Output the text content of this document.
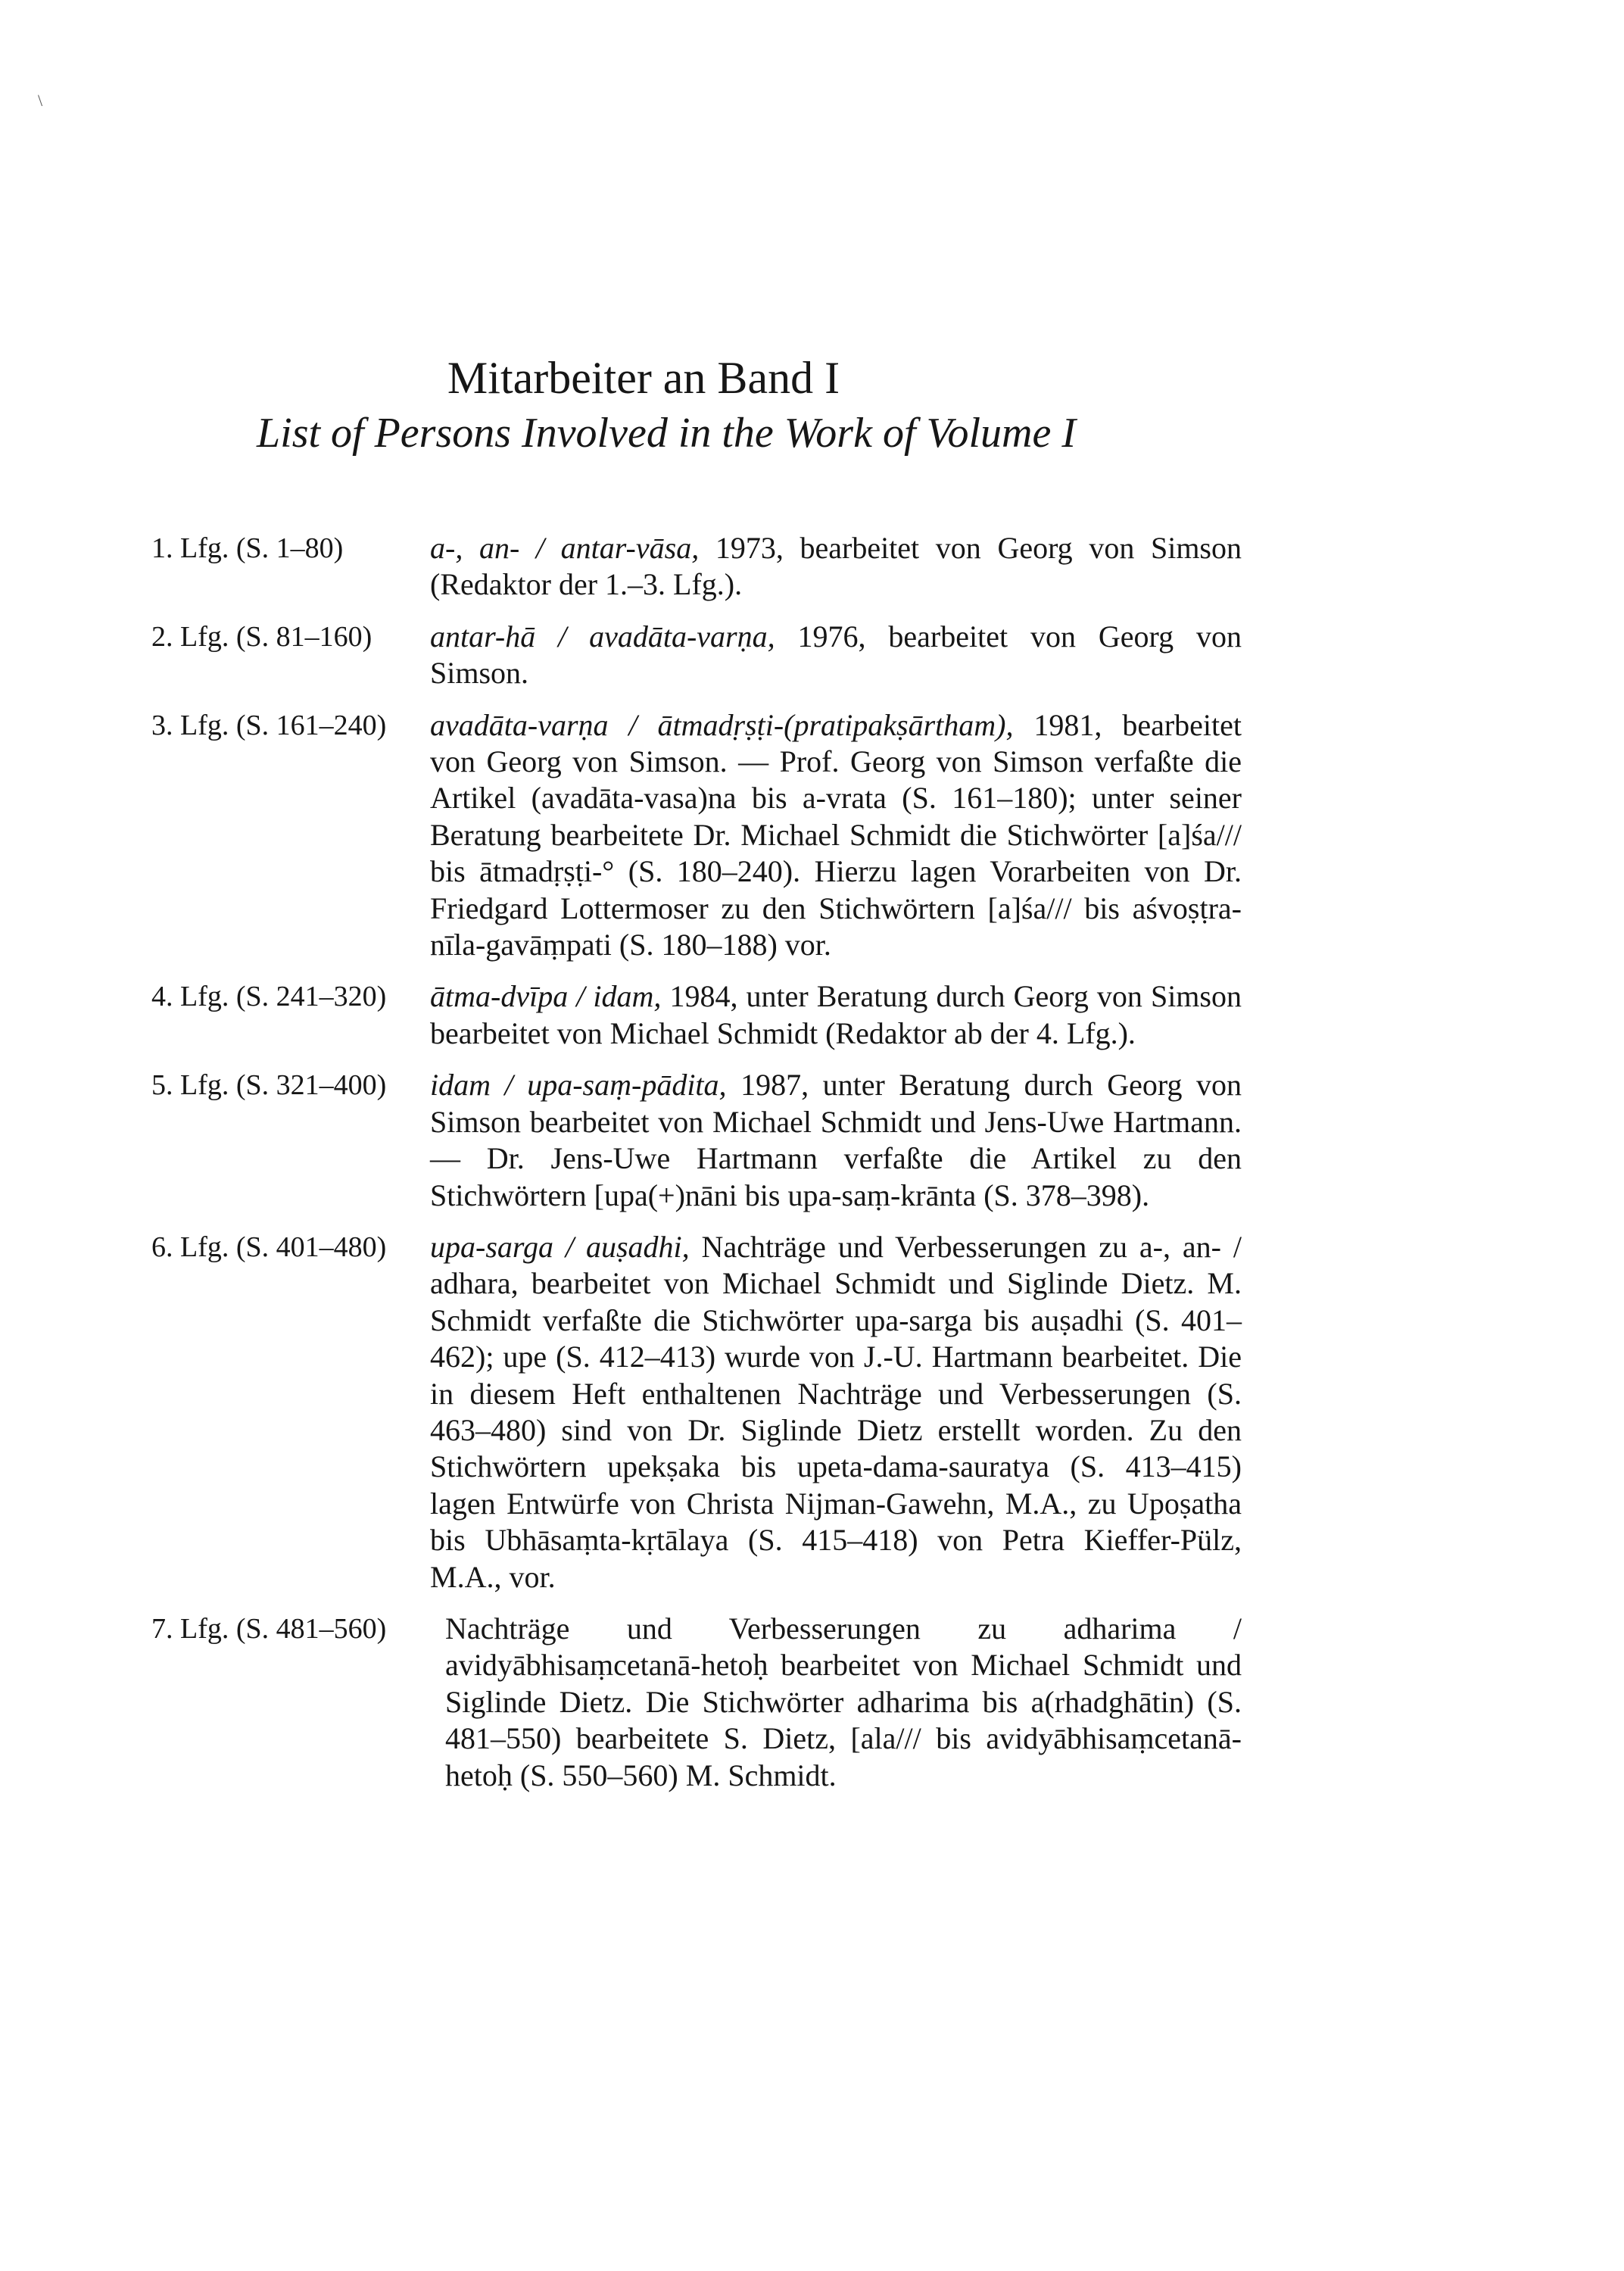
\
Mitarbeiter an Band I
List of Persons Involved in the Work of Volume I
1. Lfg. (S. 1–80)	a-, an- / antar-vāsa, 1973, bearbeitet von Georg von Simson (Redaktor der 1.–3. Lfg.).
2. Lfg. (S. 81–160) antar-hā / avadāta-varṇa, 1976, bearbeitet von Georg von Simson.
3. Lfg. (S. 161–240) avadāta-varṇa / ātmadṛṣṭi-(pratipakṣārtham), 1981, bearbeitet von Georg von Simson. — Prof. Georg von Simson verfaßte die Artikel (avadāta-vasa)na bis a-vrata (S. 161–180); unter seiner Beratung bearbeitete Dr. Michael Schmidt die Stichwörter [a]śa/// bis ātmadṛṣṭi-° (S. 180–240). Hierzu lagen Vorarbeiten von Dr. Friedgard Lottermoser zu den Stichwörtern [a]śa/// bis aśvoṣṭra-nīla-gavāṃpati (S. 180–188) vor.
4. Lfg. (S. 241–320) ātma-dvīpa / idam, 1984, unter Beratung durch Georg von Simson bearbeitet von Michael Schmidt (Redaktor ab der 4. Lfg.).
5. Lfg. (S. 321–400) idam / upa-saṃ-pādita, 1987, unter Beratung durch Georg von Simson bearbeitet von Michael Schmidt und Jens-Uwe Hartmann. — Dr. Jens-Uwe Hartmann verfaßte die Artikel zu den Stichwörtern [upa(+)nāni bis upa-saṃ-krānta (S. 378–398).
6. Lfg. (S. 401–480) upa-sarga / auṣadhi, Nachträge und Verbesserungen zu a-, an- / adhara, bearbeitet von Michael Schmidt und Siglinde Dietz. M. Schmidt verfaßte die Stichwörter upa-sarga bis auṣadhi (S. 401–462); upe (S. 412–413) wurde von J.-U. Hartmann bearbeitet. Die in diesem Heft enthaltenen Nachträge und Verbesserungen (S. 463–480) sind von Dr. Siglinde Dietz erstellt worden. Zu den Stichwörtern upekṣaka bis upeta-dama-sauratya (S. 413–415) lagen Entwürfe von Christa Nijman-Gawehn, M.A., zu Upoṣatha bis Ubhāsaṃta-kṛtālaya (S. 415–418) von Petra Kieffer-Pülz, M.A., vor.
7. Lfg. (S. 481–560) Nachträge und Verbesserungen zu adharima / avidyābhisaṃcetanā-hetoḥ bearbeitet von Michael Schmidt und Siglinde Dietz. Die Stichwörter adharima bis a(rhadghātin) (S. 481–550) bearbeitete S. Dietz, [ala/// bis avidyābhisaṃcetanā-hetoḥ (S. 550–560) M. Schmidt.
